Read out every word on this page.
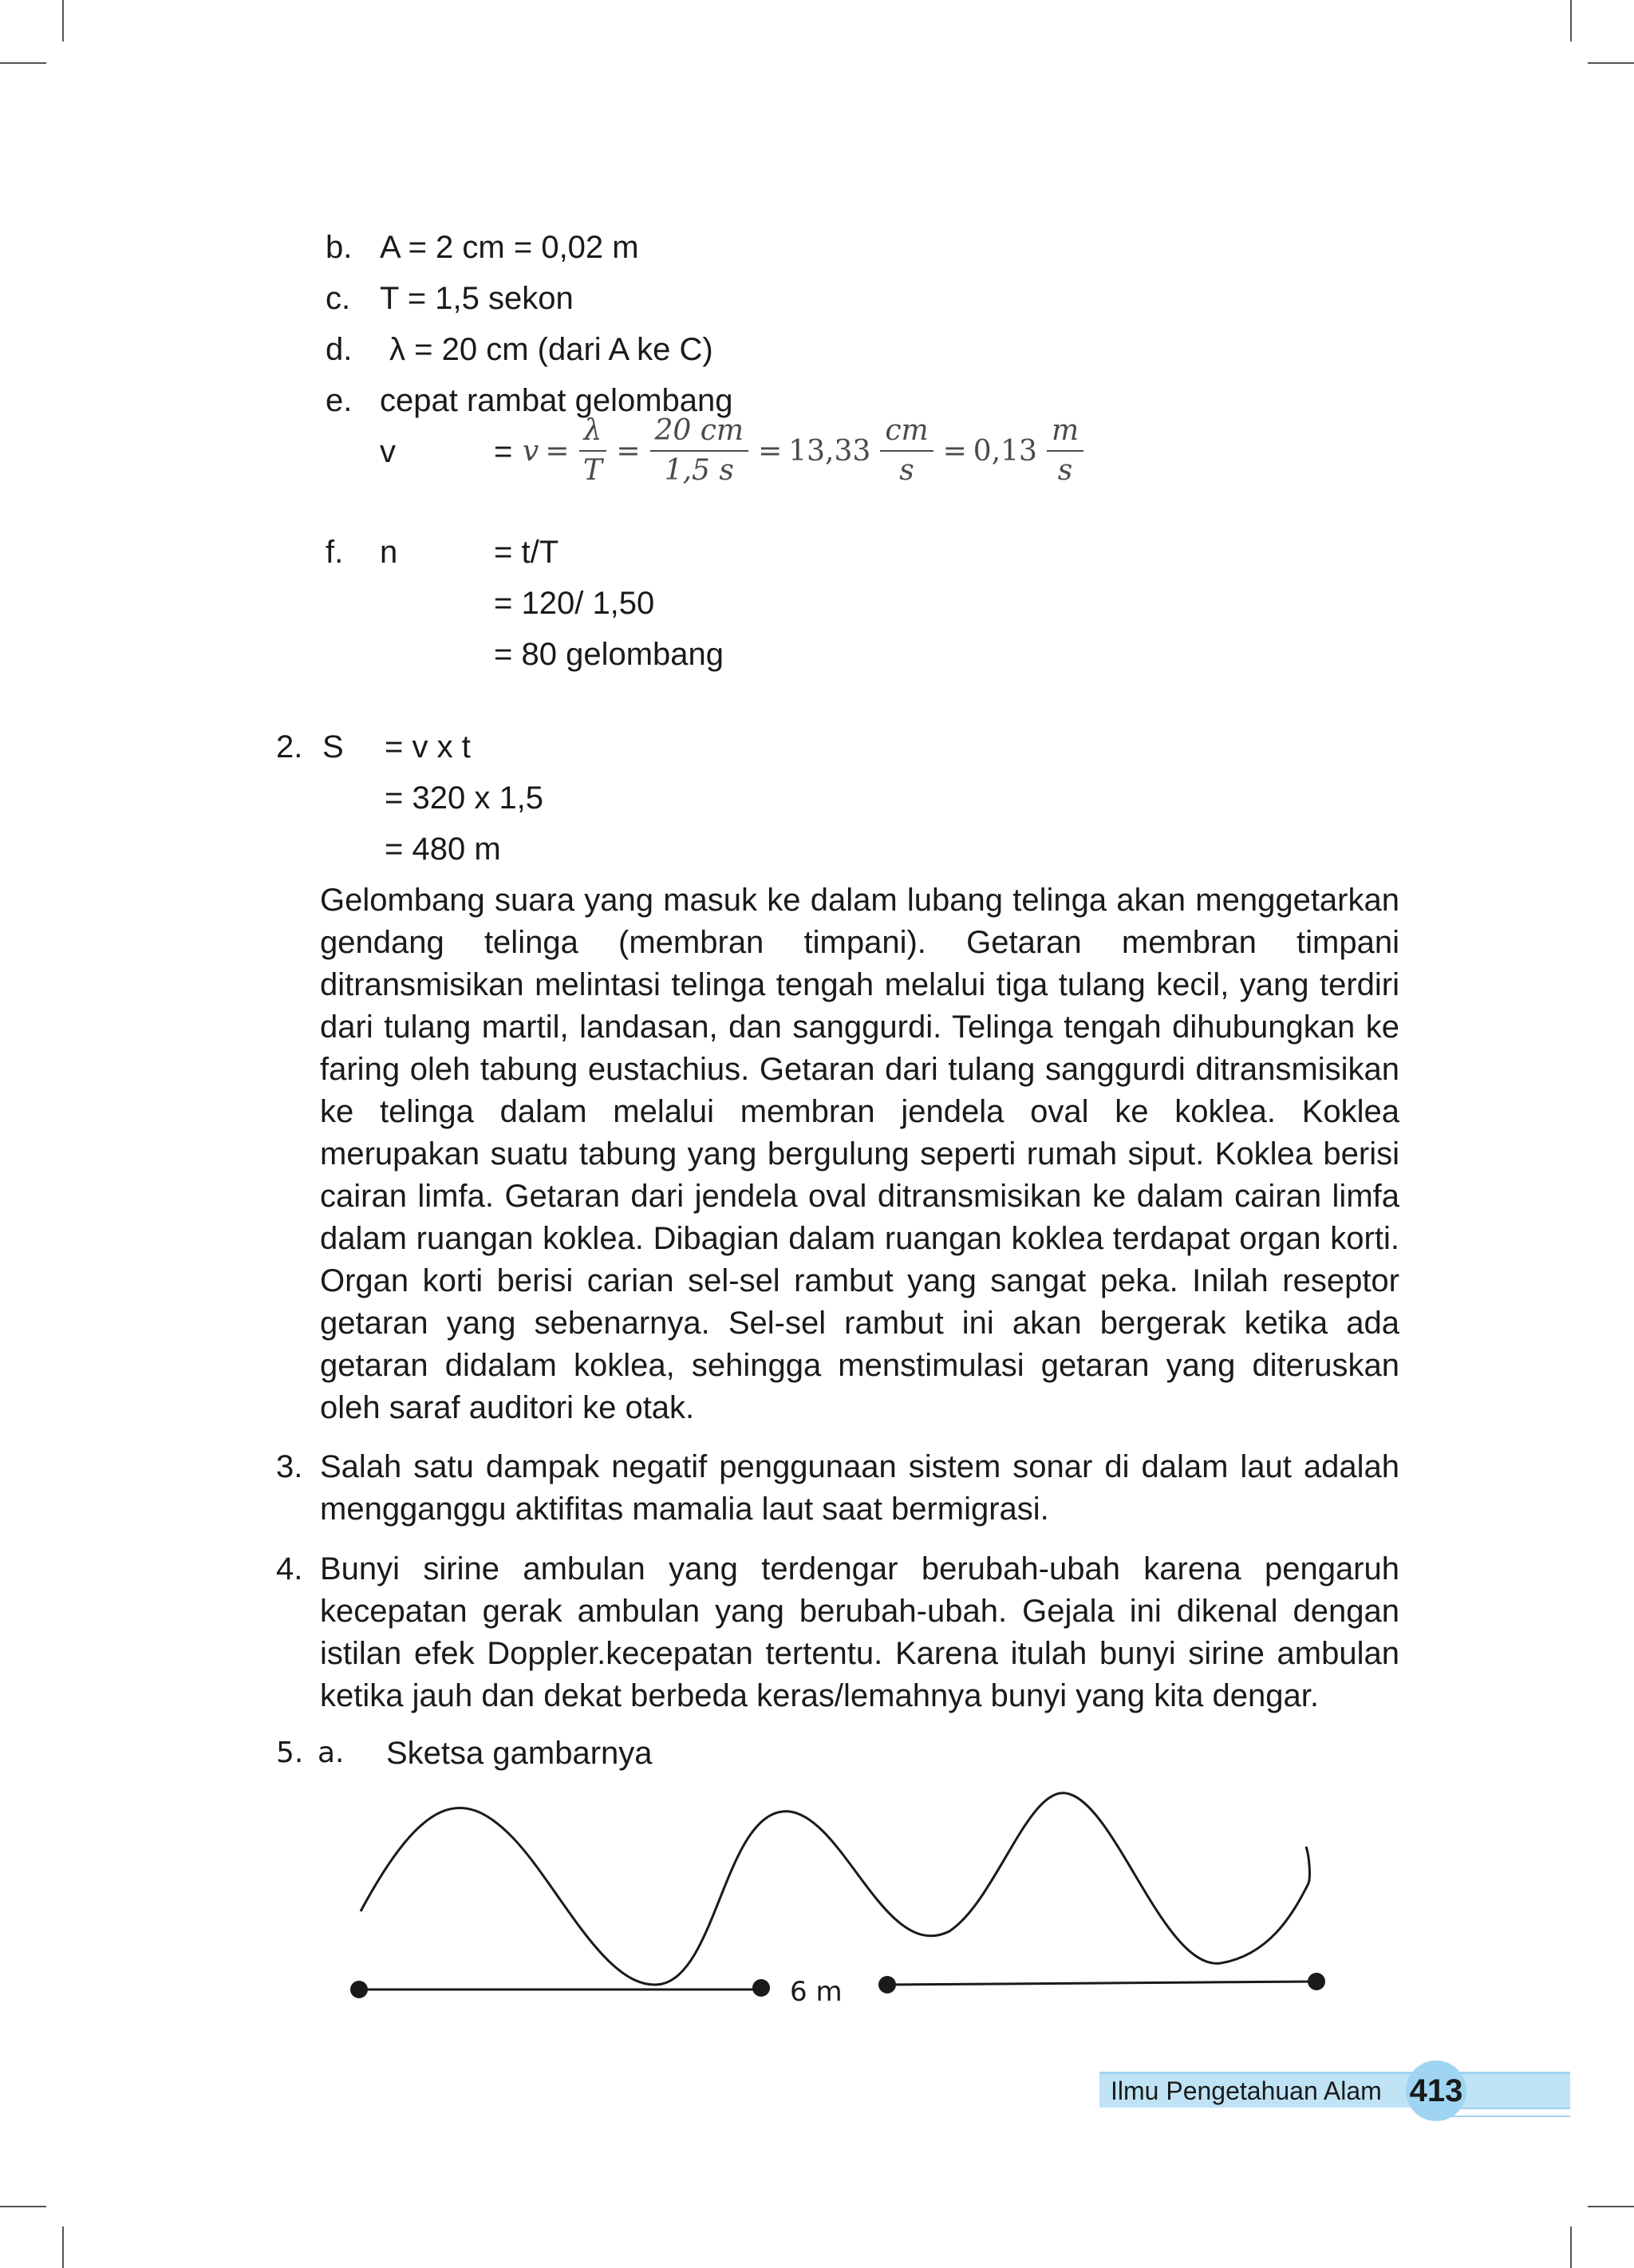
b. A = 2 cm = 0,02 m
c. T = 1,5 sekon
d. λ = 20 cm (dari A ke C)
e. cepat rambat gelombang
v	= $v = \frac{\lambda}{T} = \frac{20 cm}{1,5 s} = 13,33 \frac{cm}{s} = 0,13 \frac{m}{s}$
f. n	= t/T
= 120/ 1,50
= 80 gelombang
2. S = v x t
= 320 x 1,5
= 480 m
Gelombang suara yang masuk ke dalam lubang telinga akan menggetarkan gendang telinga (membran timpani). Getaran membran timpani ditransmisikan melintasi telinga tengah melalui tiga tulang kecil, yang terdiri dari tulang martil, landasan, dan sanggurdi. Telinga tengah dihubungkan ke faring oleh tabung eustachius. Getaran dari tulang sanggurdi ditransmisikan ke telinga dalam melalui membran jendela oval ke koklea. Koklea merupakan suatu tabung yang bergulung seperti rumah siput. Koklea berisi cairan limfa. Getaran dari jendela oval ditransmisikan ke dalam cairan limfa dalam ruangan koklea. Dibagian dalam ruangan koklea terdapat organ korti. Organ korti berisi carian sel-sel rambut yang sangat peka. Inilah reseptor getaran yang sebenarnya. Sel-sel rambut ini akan bergerak ketika ada getaran didalam koklea, sehingga menstimulasi getaran yang diteruskan oleh saraf auditori ke otak.
3. Salah satu dampak negatif penggunaan sistem sonar di dalam laut adalah mengganggu aktifitas mamalia laut saat bermigrasi.
4. Bunyi sirine ambulan yang terdengar berubah-ubah karena pengaruh kecepatan gerak ambulan yang berubah-ubah. Gejala ini dikenal dengan istilan efek Doppler.kecepatan tertentu. Karena itulah bunyi sirine ambulan ketika jauh dan dekat berbeda keras/lemahnya bunyi yang kita dengar.
5. a. Sketsa gambarnya
6 m
Ilmu Pengetahuan Alam 413
